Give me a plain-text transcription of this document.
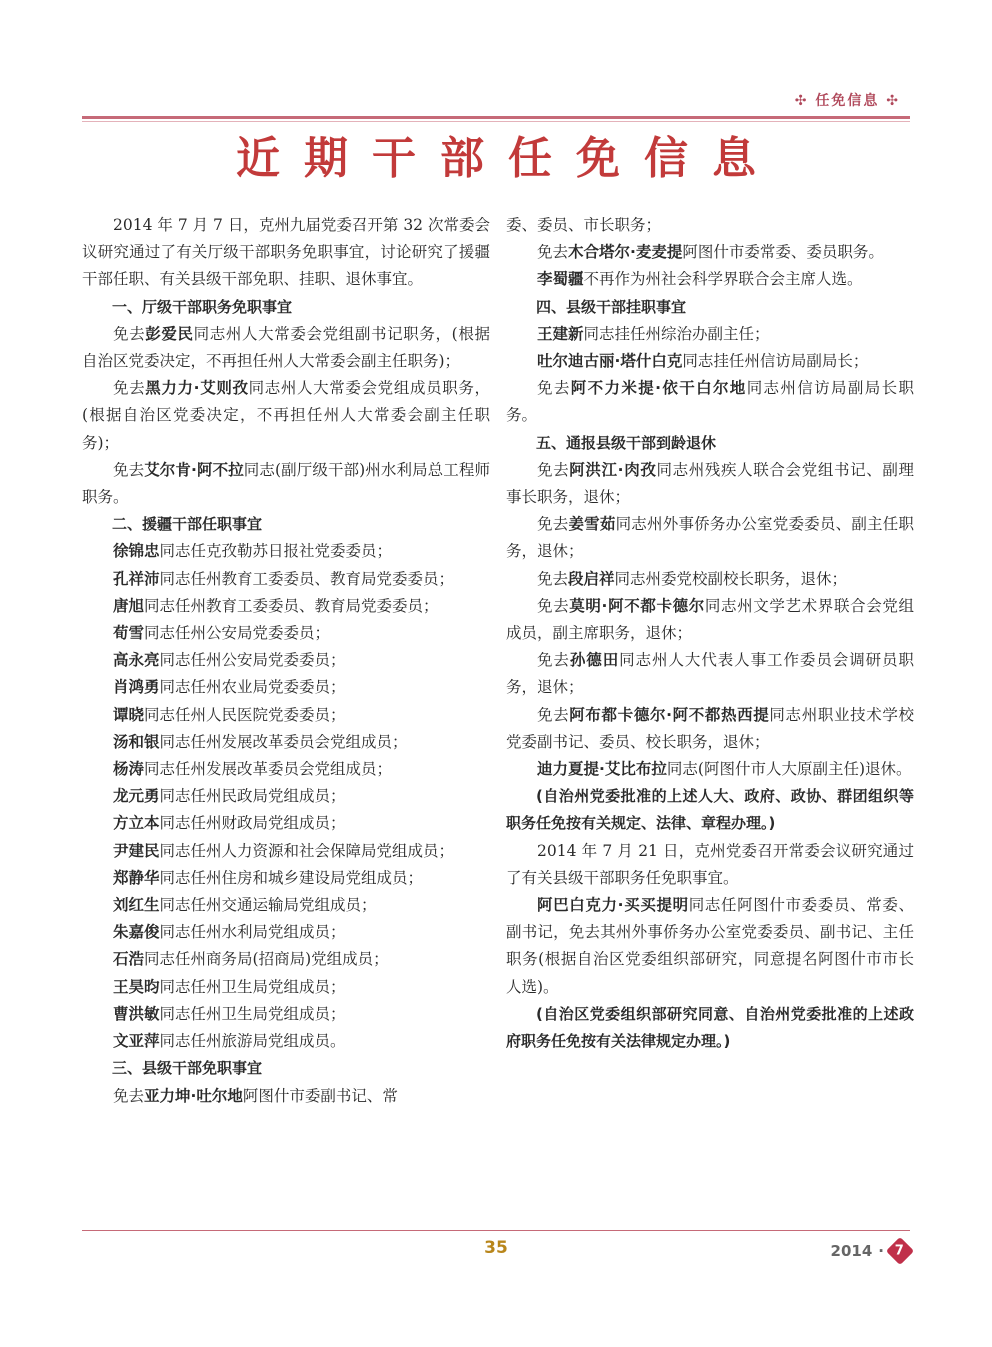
✣ 任免信息 ✣
近期干部任免信息

2014 年 7 月 7 日，克州九届党委召开第 32 次常委会议研究通过了有关厅级干部职务免职事宜，讨论研究了援疆干部任职、有关县级干部免职、挂职、退休事宜。

一、厅级干部职务免职事宜

免去彭爱民同志州人大常委会党组副书记职务，(根据自治区党委决定，不再担任州人大常委会副主任职务)；

免去黑力力·艾则孜同志州人大常委会党组成员职务，(根据自治区党委决定，不再担任州人大常委会副主任职务)；

免去艾尔肯·阿不拉同志(副厅级干部)州水利局总工程师职务。

二、援疆干部任职事宜

徐锦忠同志任克孜勒苏日报社党委委员；

孔祥沛同志任州教育工委委员、教育局党委委员；

唐旭同志任州教育工委委员、教育局党委委员；

荀雪同志任州公安局党委委员；

高永亮同志任州公安局党委委员；

肖鸿勇同志任州农业局党委委员；

谭晓同志任州人民医院党委委员；

汤和银同志任州发展改革委员会党组成员；

杨涛同志任州发展改革委员会党组成员；

龙元勇同志任州民政局党组成员；

方立本同志任州财政局党组成员；

尹建民同志任州人力资源和社会保障局党组成员；

郑静华同志任州住房和城乡建设局党组成员；

刘红生同志任州交通运输局党组成员；

朱嘉俊同志任州水利局党组成员；

石浩同志任州商务局(招商局)党组成员；

王昊昀同志任州卫生局党组成员；

曹洪敏同志任州卫生局党组成员；

文亚萍同志任州旅游局党组成员。

三、县级干部免职事宜

免去亚力坤·吐尔地阿图什市委副书记、常

委、委员、市长职务；

免去木合塔尔·麦麦提阿图什市委常委、委员职务。

李蜀疆不再作为州社会科学界联合会主席人选。

四、县级干部挂职事宜

王建新同志挂任州综治办副主任；

吐尔迪古丽·塔什白克同志挂任州信访局副局长；

免去阿不力米提·依干白尔地同志州信访局副局长职务。

五、通报县级干部到龄退休

免去阿洪江·肉孜同志州残疾人联合会党组书记、副理事长职务，退休；

免去姜雪茹同志州外事侨务办公室党委委员、副主任职务，退休；

免去段启祥同志州委党校副校长职务，退休；

免去莫明·阿不都卡德尔同志州文学艺术界联合会党组成员，副主席职务，退休；

免去孙德田同志州人大代表人事工作委员会调研员职务，退休；

免去阿布都卡德尔·阿不都热西提同志州职业技术学校党委副书记、委员、校长职务，退休；

迪力夏提·艾比布拉同志(阿图什市人大原副主任)退休。

(自治州党委批准的上述人大、政府、政协、群团组织等职务任免按有关规定、法律、章程办理。)

2014 年 7 月 21 日，克州党委召开常委会议研究通过了有关县级干部职务任免职事宜。

阿巴白克力·买买提明同志任阿图什市委委员、常委、副书记，免去其州外事侨务办公室党委委员、副书记、主任职务(根据自治区党委组织部研究，同意提名阿图什市市长人选)。

(自治区党委组织部研究同意、自治州党委批准的上述政府职务任免按有关法律规定办理。)

35	2014 · 7
